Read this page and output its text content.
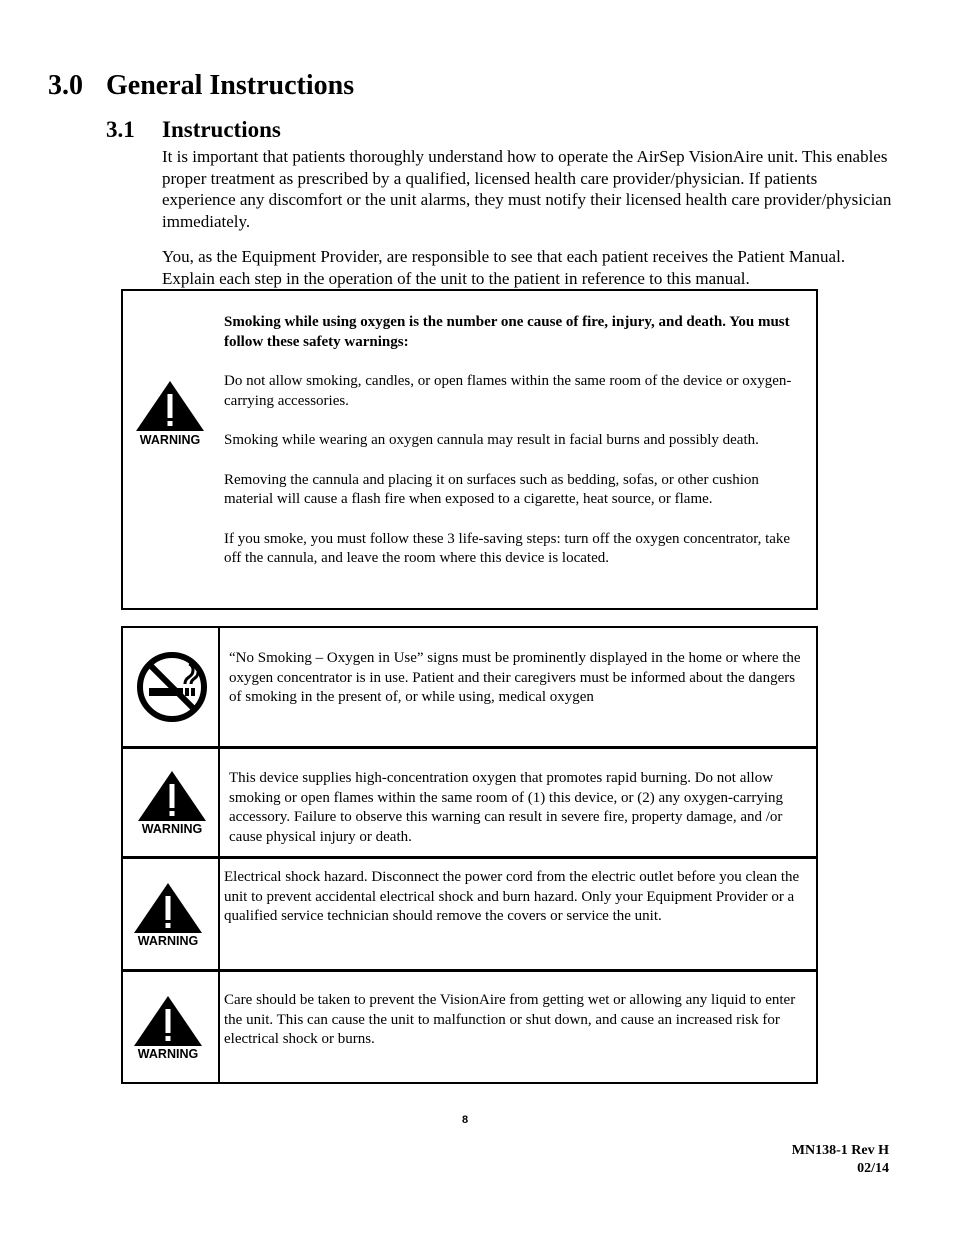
3.0 General Instructions
3.1 Instructions

It is important that patients thoroughly understand how to operate the AirSep VisionAire unit. This enables proper treatment as prescribed by a qualified, licensed health care provider/physician. If patients experience any discomfort or the unit alarms, they must notify their licensed health care provider/physician immediately.

You, as the Equipment Provider, are responsible to see that each patient receives the Patient Manual. Explain each step in the operation of the unit to the patient in reference to this manual.

WARNING

Smoking while using oxygen is the number one cause of fire, injury, and death. You must follow these safety warnings:

Do not allow smoking, candles, or open flames within the same room of the device or oxygen-carrying accessories.

Smoking while wearing an oxygen cannula may result in facial burns and possibly death.

Removing the cannula and placing it on surfaces such as bedding, sofas, or other cushion material will cause a flash fire when exposed to a cigarette, heat source, or flame.

If you smoke, you must follow these 3 life-saving steps: turn off the oxygen concentrator, take off the cannula, and leave the room where this device is located.

“No Smoking – Oxygen in Use” signs must be prominently displayed in the home or where the oxygen concentrator is in use. Patient and their caregivers must be informed about the dangers of smoking in the present of, or while using, medical oxygen
WARNING
This device supplies high-concentration oxygen that promotes rapid burning. Do not allow smoking or open flames within the same room of (1) this device, or (2) any oxygen-carrying accessory. Failure to observe this warning can result in severe fire, property damage, and /or cause physical injury or death.
WARNING
Electrical shock hazard. Disconnect the power cord from the electric outlet before you clean the unit to prevent accidental electrical shock and burn hazard. Only your Equipment Provider or a qualified service technician should remove the covers or service the unit.
WARNING
Care should be taken to prevent the VisionAire from getting wet or allowing any liquid to enter the unit. This can cause the unit to malfunction or shut down, and cause an increased risk for electrical shock or burns.
8
MN138-1 Rev H
02/14
